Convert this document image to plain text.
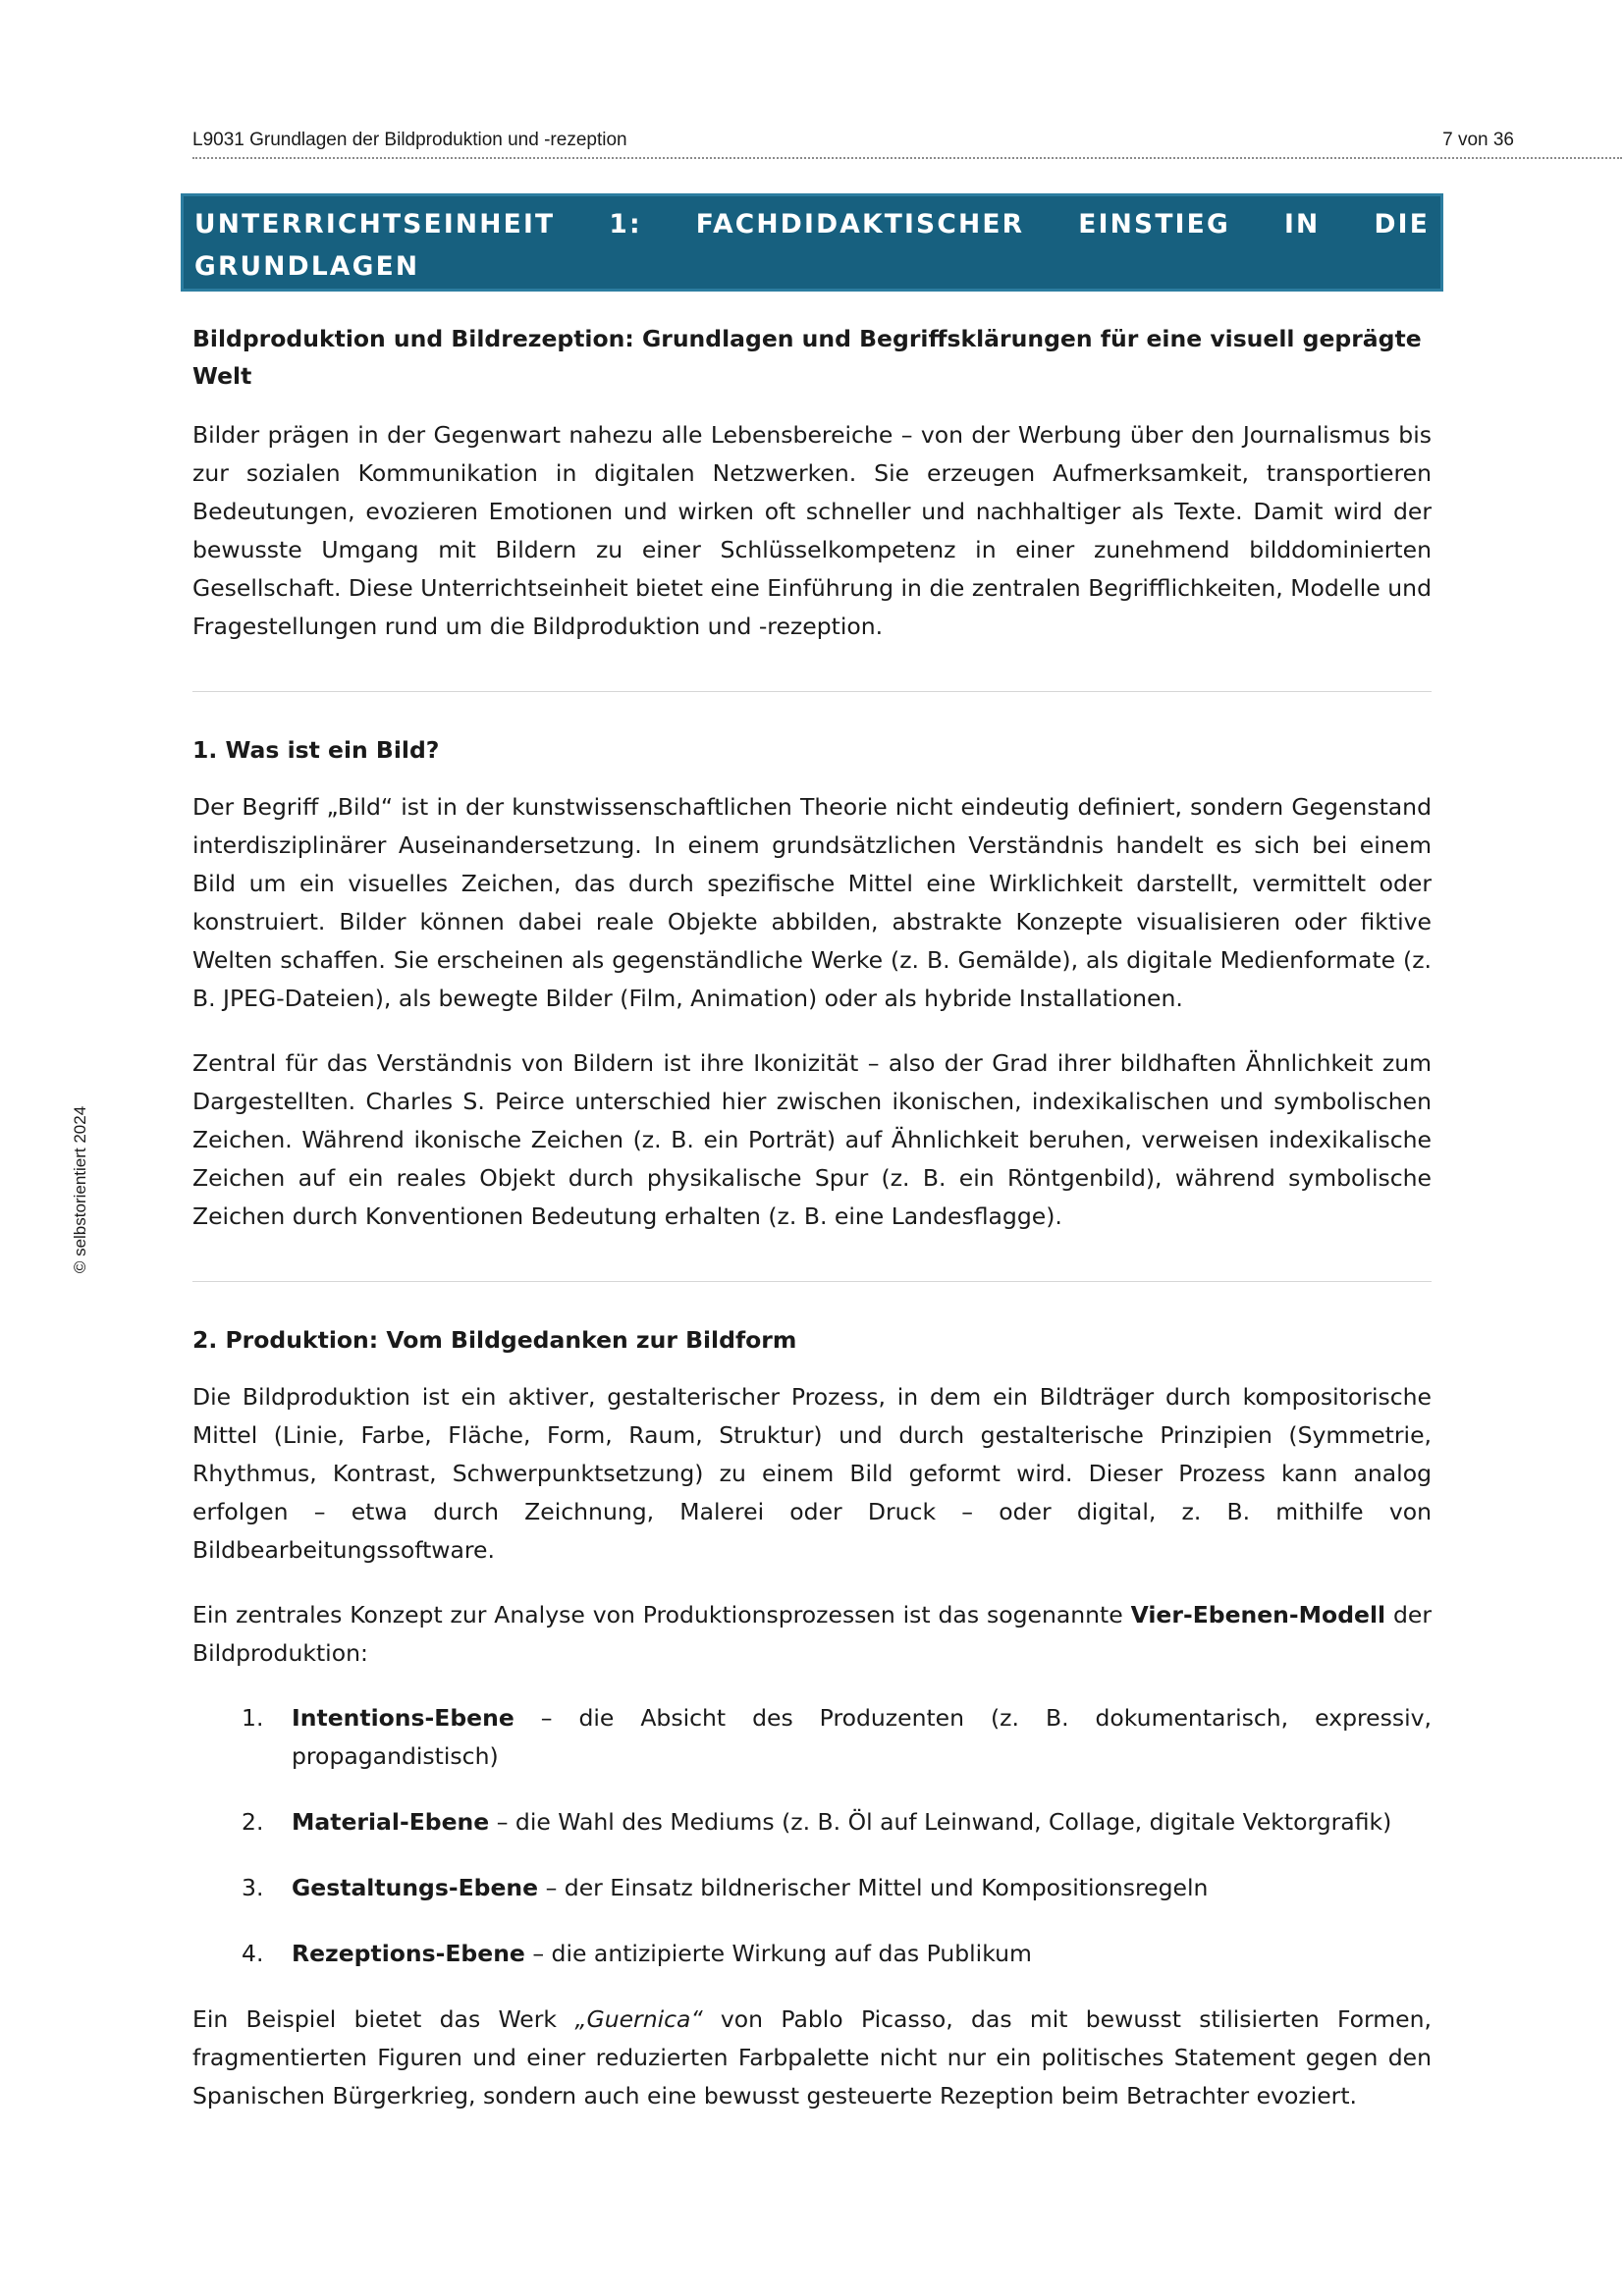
L9031 Grundlagen der Bildproduktion und -rezeption	7 von 36

UNTERRICHTSEINHEIT 1: FACHDIDAKTISCHER EINSTIEG IN DIE GRUNDLAGEN

DER BILDPRODUKTION UND -REZEPTION

© selbstorientiert 2024
Bildproduktion und Bildrezeption: Grundlagen und Begriffsklärungen für eine visuell geprägte Welt

Bilder prägen in der Gegenwart nahezu alle Lebensbereiche – von der Werbung über den Journalismus bis zur sozialen Kommunikation in digitalen Netzwerken. Sie erzeugen Aufmerksamkeit, transportieren Bedeutungen, evozieren Emotionen und wirken oft schneller und nachhaltiger als Texte. Damit wird der bewusste Umgang mit Bildern zu einer Schlüsselkompetenz in einer zunehmend bilddominierten Gesellschaft. Diese Unterrichtseinheit bietet eine Einführung in die zentralen Begrifflichkeiten, Modelle und Fragestellungen rund um die Bildproduktion und -rezeption.

1. Was ist ein Bild?

Der Begriff „Bild“ ist in der kunstwissenschaftlichen Theorie nicht eindeutig definiert, sondern Gegenstand interdisziplinärer Auseinandersetzung. In einem grundsätzlichen Verständnis handelt es sich bei einem Bild um ein visuelles Zeichen, das durch spezifische Mittel eine Wirklichkeit darstellt, vermittelt oder konstruiert. Bilder können dabei reale Objekte abbilden, abstrakte Konzepte visualisieren oder fiktive Welten schaffen. Sie erscheinen als gegenständliche Werke (z. B. Gemälde), als digitale Medienformate (z. B. JPEG-Dateien), als bewegte Bilder (Film, Animation) oder als hybride Installationen.

Zentral für das Verständnis von Bildern ist ihre Ikonizität – also der Grad ihrer bildhaften Ähnlichkeit zum Dargestellten. Charles S. Peirce unterschied hier zwischen ikonischen, indexikalischen und symbolischen Zeichen. Während ikonische Zeichen (z. B. ein Porträt) auf Ähnlichkeit beruhen, verweisen indexikalische Zeichen auf ein reales Objekt durch physikalische Spur (z. B. ein Röntgenbild), während symbolische Zeichen durch Konventionen Bedeutung erhalten (z. B. eine Landesflagge).

2. Produktion: Vom Bildgedanken zur Bildform

Die Bildproduktion ist ein aktiver, gestalterischer Prozess, in dem ein Bildträger durch kompositorische Mittel (Linie, Farbe, Fläche, Form, Raum, Struktur) und durch gestalterische Prinzipien (Symmetrie, Rhythmus, Kontrast, Schwerpunktsetzung) zu einem Bild geformt wird. Dieser Prozess kann analog erfolgen – etwa durch Zeichnung, Malerei oder Druck – oder digital, z. B. mithilfe von Bildbearbeitungssoftware.

Ein zentrales Konzept zur Analyse von Produktionsprozessen ist das sogenannte Vier-Ebenen-Modell der Bildproduktion:

1. Intentions-Ebene – die Absicht des Produzenten (z. B. dokumentarisch, expressiv, propagandistisch)
2. Material-Ebene – die Wahl des Mediums (z. B. Öl auf Leinwand, Collage, digitale Vektorgrafik)
3. Gestaltungs-Ebene – der Einsatz bildnerischer Mittel und Kompositionsregeln
4. Rezeptions-Ebene – die antizipierte Wirkung auf das Publikum

Ein Beispiel bietet das Werk „Guernica“ von Pablo Picasso, das mit bewusst stilisierten Formen, fragmentierten Figuren und einer reduzierten Farbpalette nicht nur ein politisches Statement gegen den Spanischen Bürgerkrieg, sondern auch eine bewusst gesteuerte Rezeption beim Betrachter evoziert.
